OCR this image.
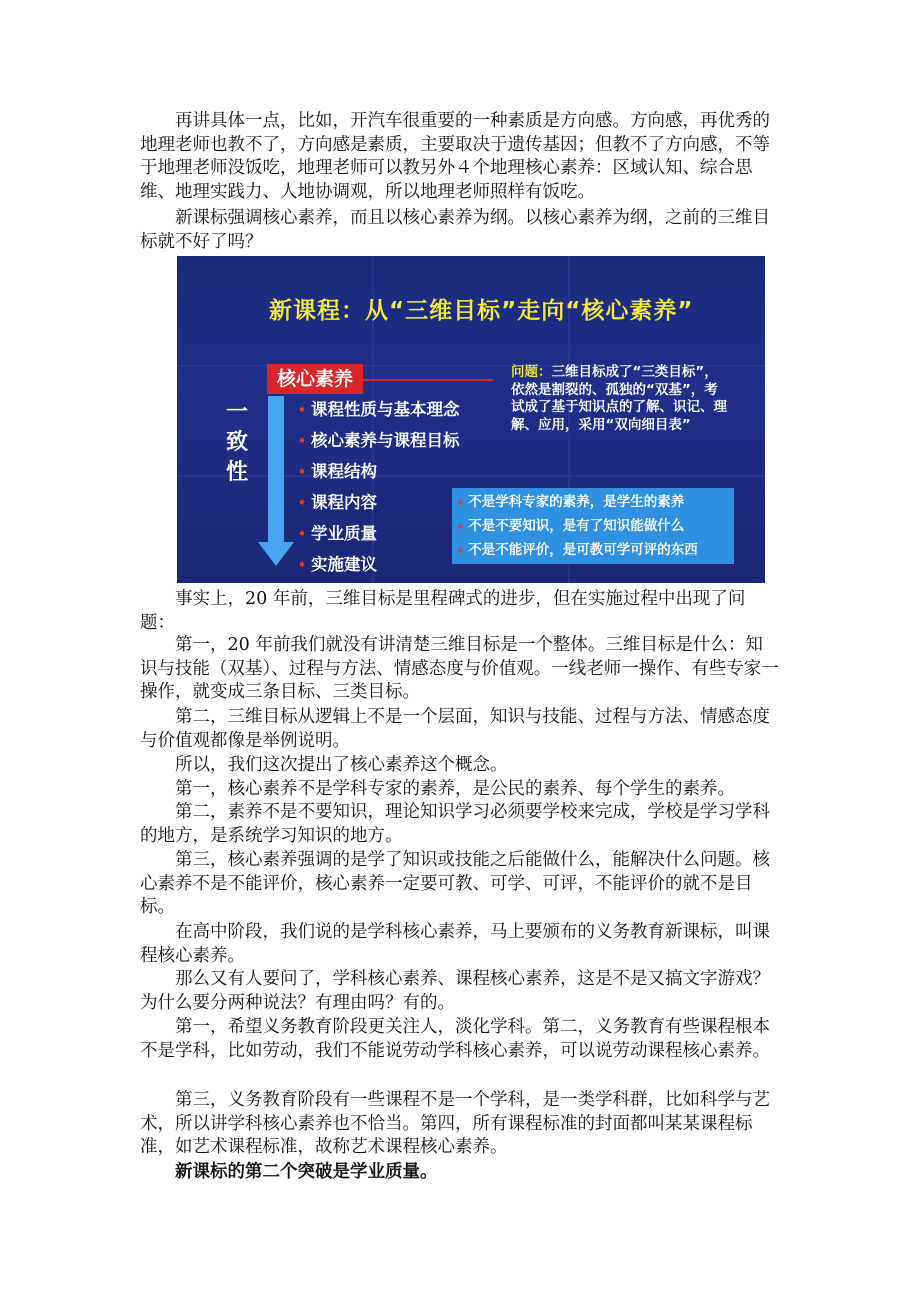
再讲具体一点，比如，开汽车很重要的一种素质是方向感。方向感，再优秀的地理老师也教不了，方向感是素质，主要取决于遗传基因；但教不了方向感，不等于地理老师没饭吃，地理老师可以教另外４个地理核心素养：区域认知、综合思维、地理实践力、人地协调观，所以地理老师照样有饭吃。

新课标强调核心素养，而且以核心素养为纲。以核心素养为纲，之前的三维目标就不好了吗？

新课程：从“三维目标”走向“核心素养”
一致性
核心素养
➧ 课程性质与基本理念
➧ 核心素养与课程目标
➧ 课程结构
➧ 课程内容
➧ 学业质量
➧ 实施建议
问题：三维目标成了“三类目标”，依然是割裂的、孤独的“双基”，考试成了基于知识点的了解、识记、理解、应用，采用“双向细目表”
➧ 不是学科专家的素养，是学生的素养
➧ 不是不要知识，是有了知识能做什么
➧ 不是不能评价，是可教可学可评的东西

事实上，20 年前，三维目标是里程碑式的进步，但在实施过程中出现了问题：

第一，20 年前我们就没有讲清楚三维目标是一个整体。三维目标是什么：知识与技能（双基）、过程与方法、情感态度与价值观。一线老师一操作、有些专家一操作，就变成三条目标、三类目标。

第二，三维目标从逻辑上不是一个层面，知识与技能、过程与方法、情感态度与价值观都像是举例说明。

所以，我们这次提出了核心素养这个概念。

第一，核心素养不是学科专家的素养，是公民的素养、每个学生的素养。

第二，素养不是不要知识，理论知识学习必须要学校来完成，学校是学习学科的地方，是系统学习知识的地方。

第三，核心素养强调的是学了知识或技能之后能做什么，能解决什么问题。核心素养不是不能评价，核心素养一定要可教、可学、可评，不能评价的就不是目标。

在高中阶段，我们说的是学科核心素养，马上要颁布的义务教育新课标，叫课程核心素养。

那么又有人要问了，学科核心素养、课程核心素养，这是不是又搞文字游戏？为什么要分两种说法？有理由吗？有的。

第一，希望义务教育阶段更关注人，淡化学科。第二，义务教育有些课程根本不是学科，比如劳动，我们不能说劳动学科核心素养，可以说劳动课程核心素养。

第三，义务教育阶段有一些课程不是一个学科，是一类学科群，比如科学与艺术，所以讲学科核心素养也不恰当。第四，所有课程标准的封面都叫某某课程标准，如艺术课程标准，故称艺术课程核心素养。

新课标的第二个突破是学业质量。
